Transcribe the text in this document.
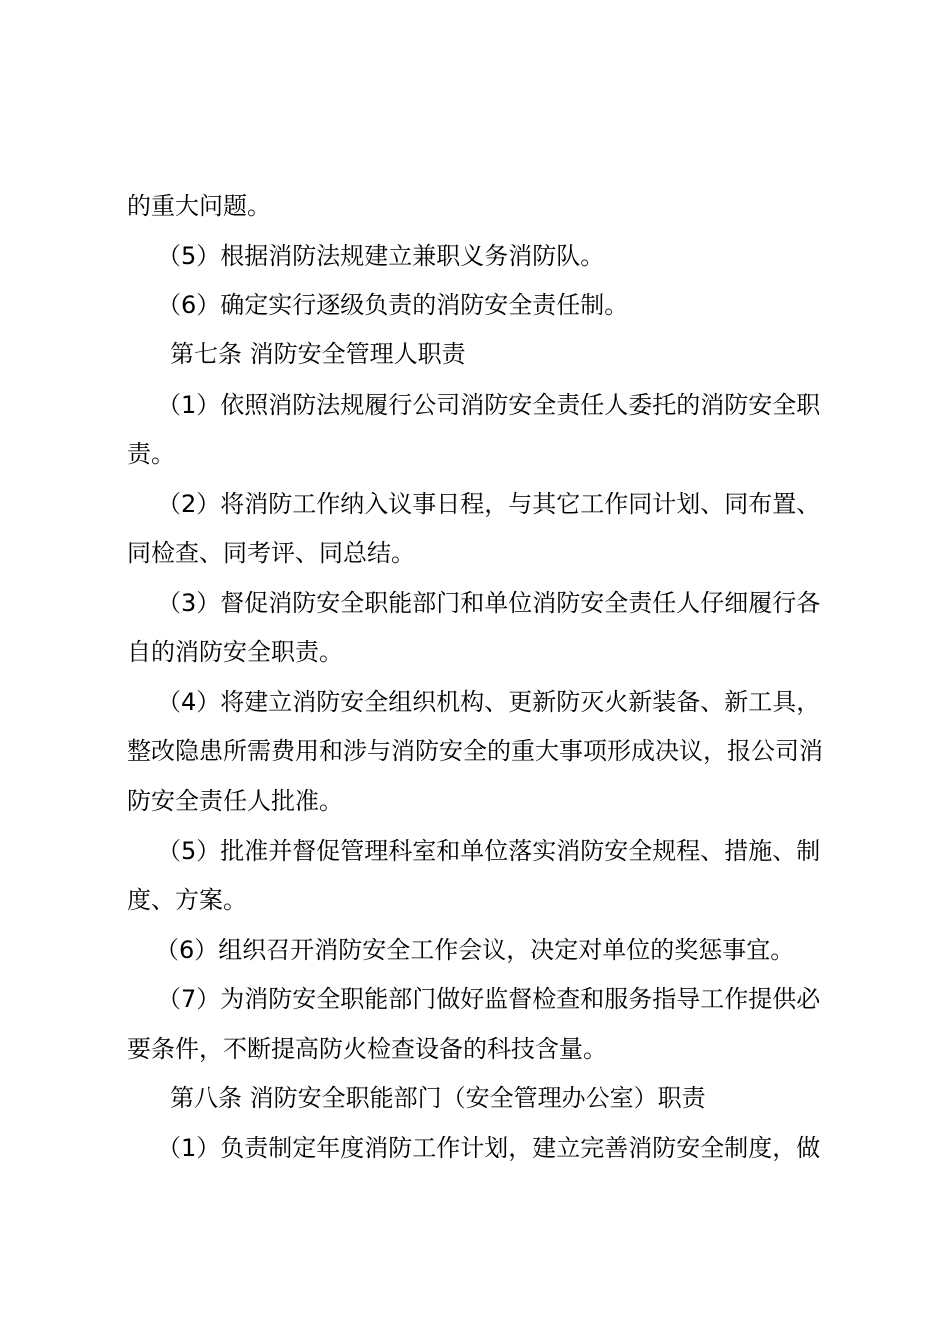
的重大问题。
（5）根据消防法规建立兼职义务消防队。
（6）确定实行逐级负责的消防安全责任制。
第七条 消防安全管理人职责
（1）依照消防法规履行公司消防安全责任人委托的消防安全职
责。
（2）将消防工作纳入议事日程，与其它工作同计划、同布置、
同检查、同考评、同总结。
（3）督促消防安全职能部门和单位消防安全责任人仔细履行各
自的消防安全职责。
（4）将建立消防安全组织机构、更新防灭火新装备、新工具，
整改隐患所需费用和涉与消防安全的重大事项形成决议，报公司消
防安全责任人批准。
（5）批准并督促管理科室和单位落实消防安全规程、措施、制
度、方案。
（6）组织召开消防安全工作会议，决定对单位的奖惩事宜。
（7）为消防安全职能部门做好监督检查和服务指导工作提供必
要条件，不断提高防火检查设备的科技含量。
第八条 消防安全职能部门（安全管理办公室）职责
（1）负责制定年度消防工作计划，建立完善消防安全制度，做
